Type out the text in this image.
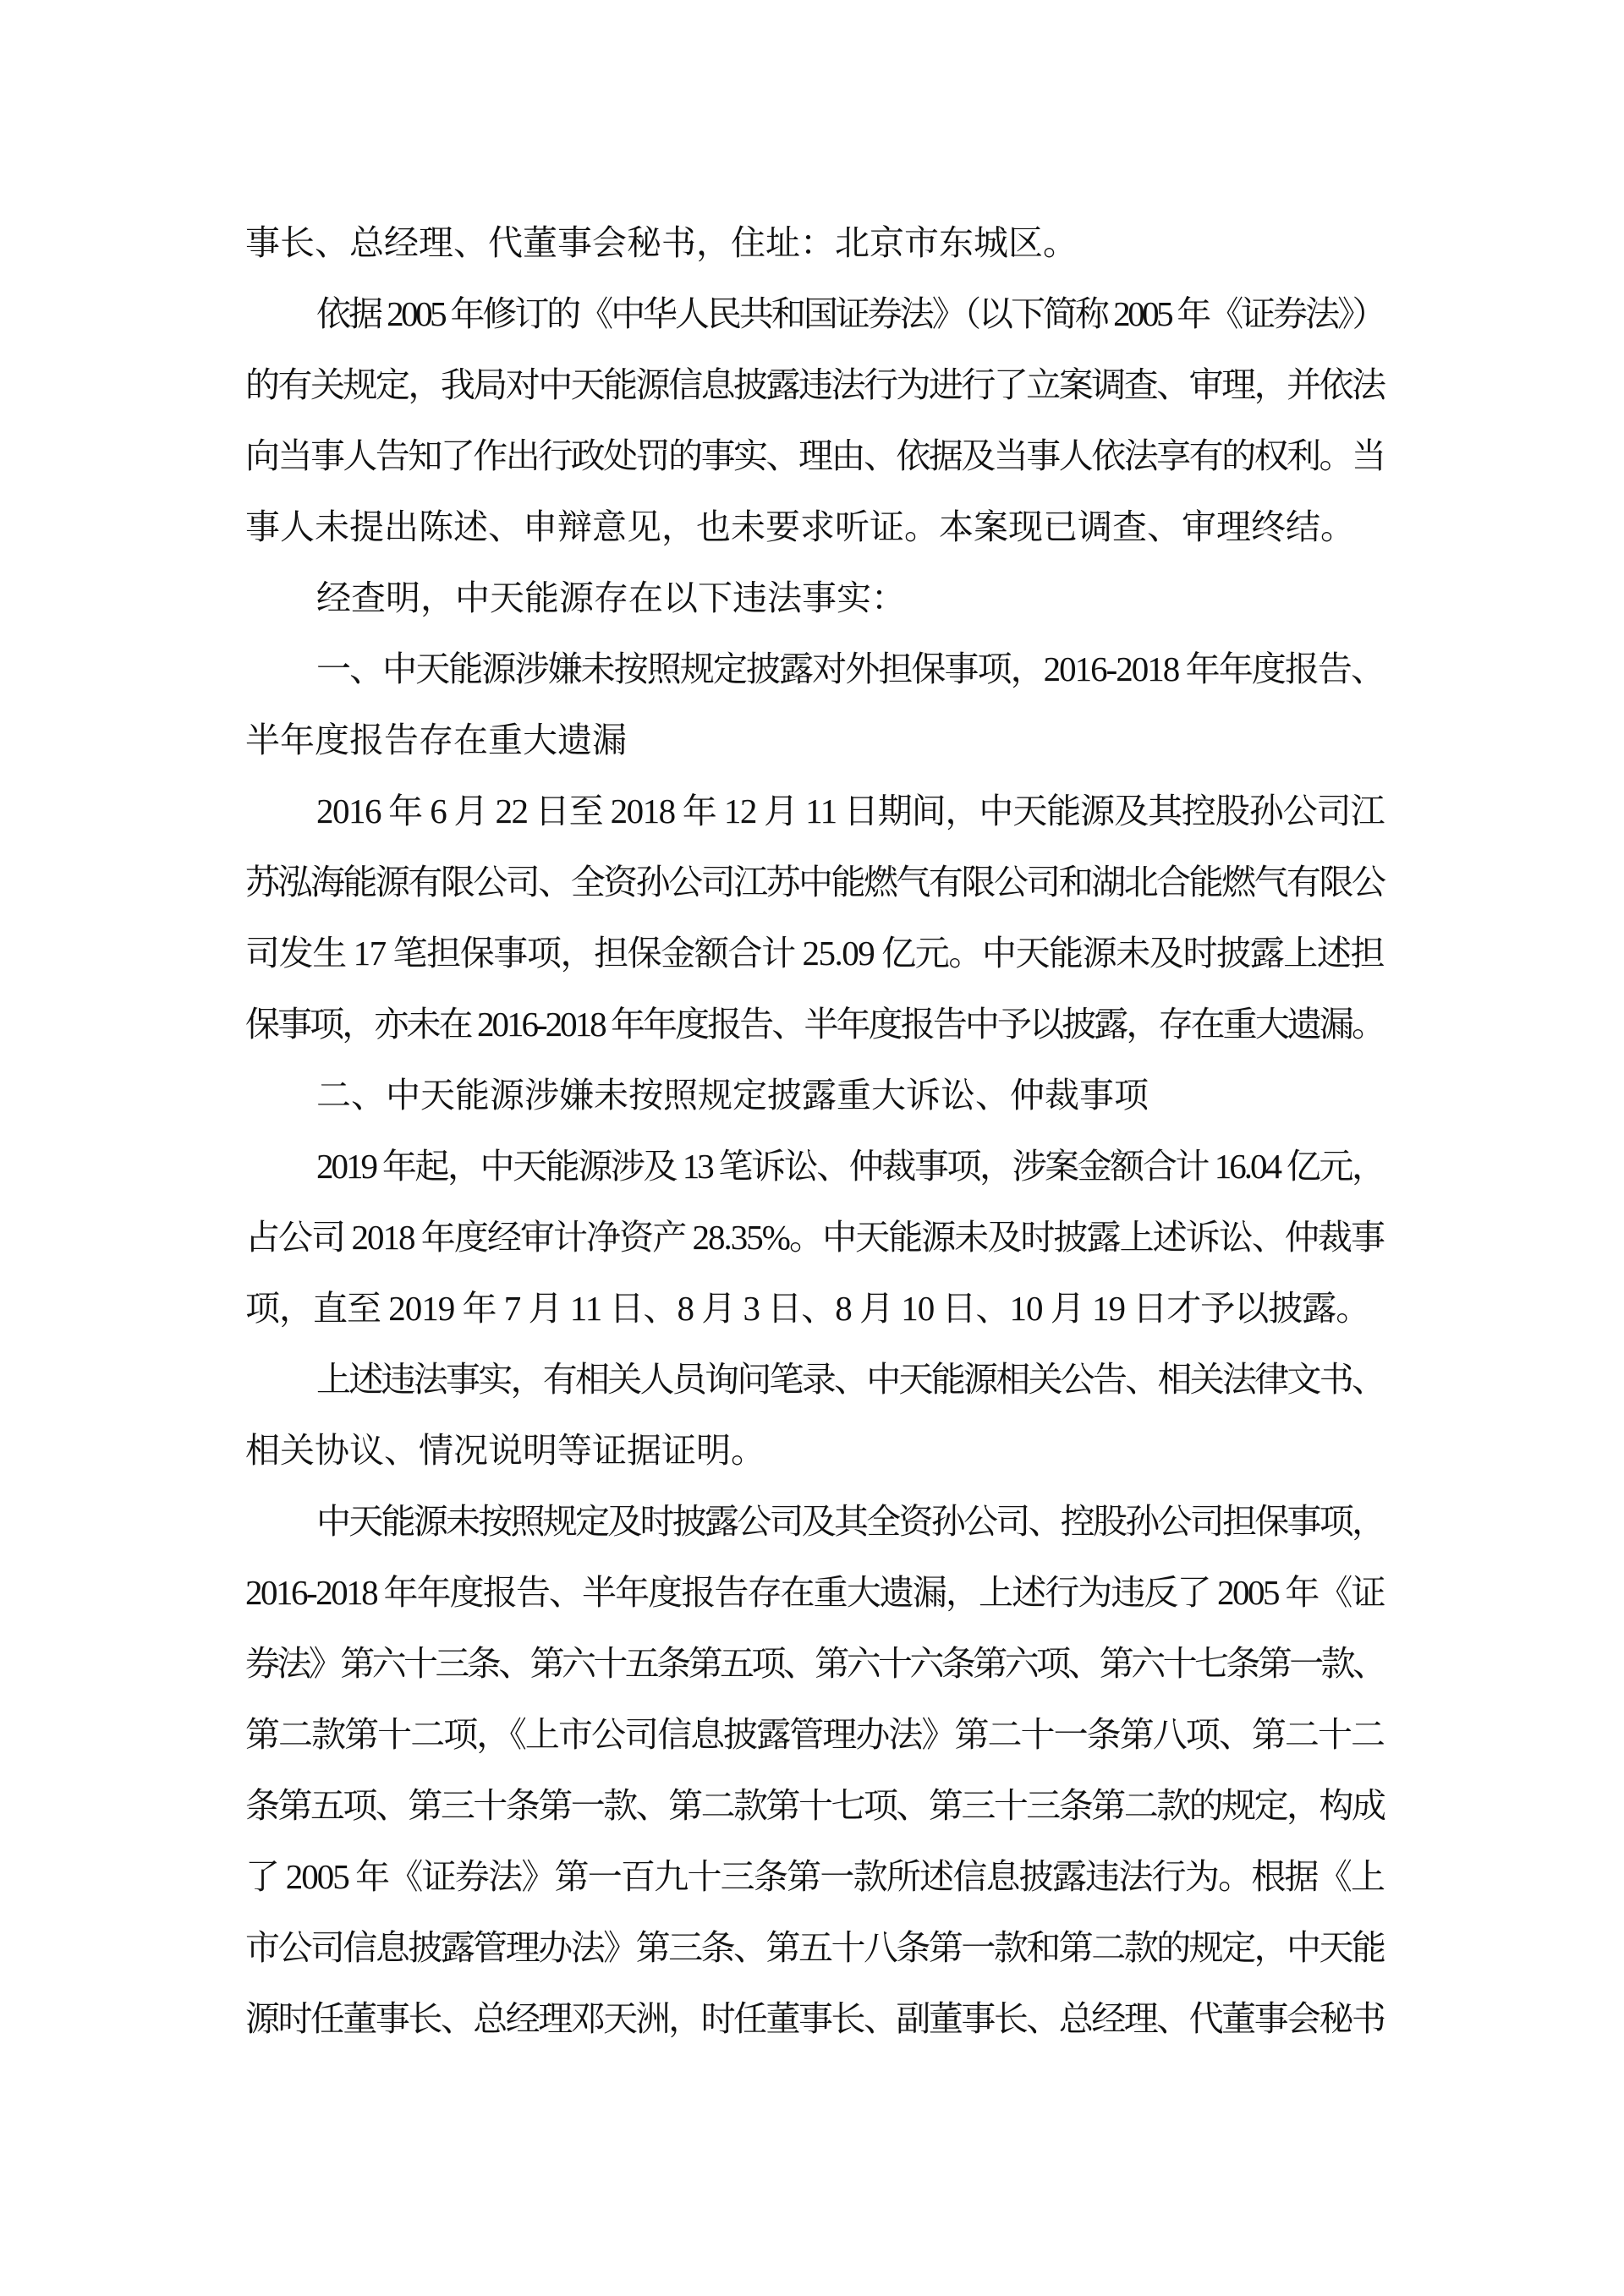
事长、总经理、代董事会秘书，住址：北京市东城区。
依据 2005 年修订的《中华人民共和国证券法》（以下简称 2005 年《证券法》）
的有关规定，我局对中天能源信息披露违法行为进行了立案调查、审理，并依法
向当事人告知了作出行政处罚的事实、理由、依据及当事人依法享有的权利。当
事人未提出陈述、申辩意见，也未要求听证。本案现已调查、审理终结。
经查明，中天能源存在以下违法事实：
一、中天能源涉嫌未按照规定披露对外担保事项，2016-2018 年年度报告、
半年度报告存在重大遗漏
2016 年 6 月 22 日至 2018 年 12 月 11 日期间，中天能源及其控股孙公司江
苏泓海能源有限公司、全资孙公司江苏中能燃气有限公司和湖北合能燃气有限公
司发生 17 笔担保事项，担保金额合计 25.09 亿元。中天能源未及时披露上述担
保事项，亦未在 2016-2018 年年度报告、半年度报告中予以披露，存在重大遗漏。
二、中天能源涉嫌未按照规定披露重大诉讼、仲裁事项
2019 年起，中天能源涉及 13 笔诉讼、仲裁事项，涉案金额合计 16.04 亿元，
占公司 2018 年度经审计净资产 28.35%。中天能源未及时披露上述诉讼、仲裁事
项，直至 2019 年 7 月 11 日、8 月 3 日、8 月 10 日、10 月 19 日才予以披露。
上述违法事实，有相关人员询问笔录、中天能源相关公告、相关法律文书、
相关协议、情况说明等证据证明。
中天能源未按照规定及时披露公司及其全资孙公司、控股孙公司担保事项，
2016-2018 年年度报告、半年度报告存在重大遗漏，上述行为违反了 2005 年《证
券法》第六十三条、第六十五条第五项、第六十六条第六项、第六十七条第一款、
第二款第十二项，《上市公司信息披露管理办法》第二十一条第八项、第二十二
条第五项、第三十条第一款、第二款第十七项、第三十三条第二款的规定，构成
了 2005 年《证券法》第一百九十三条第一款所述信息披露违法行为。根据《上
市公司信息披露管理办法》第三条、第五十八条第一款和第二款的规定，中天能
源时任董事长、总经理邓天洲，时任董事长、副董事长、总经理、代董事会秘书
